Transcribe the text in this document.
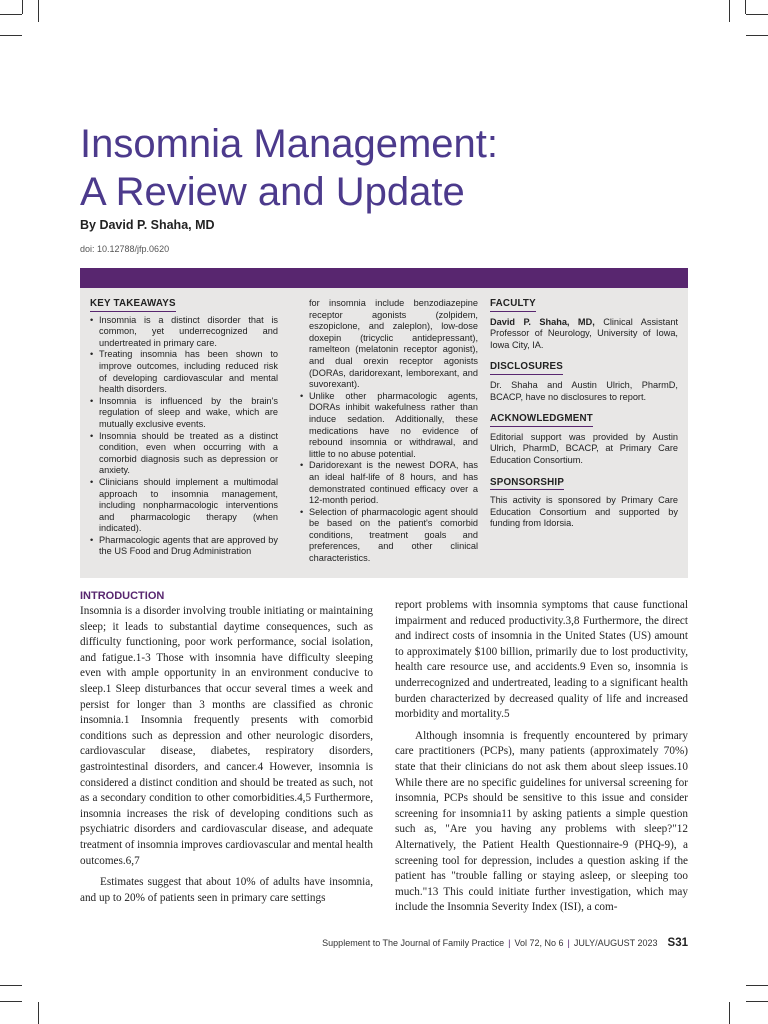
Insomnia Management:
A Review and Update
By David P. Shaha, MD
doi: 10.12788/jfp.0620
KEY TAKEAWAYS
• Insomnia is a distinct disorder that is common, yet underrecognized and undertreated in primary care.
• Treating insomnia has been shown to improve outcomes, including reduced risk of developing cardiovascular and mental health disorders.
• Insomnia is influenced by the brain's regulation of sleep and wake, which are mutually exclusive events.
• Insomnia should be treated as a distinct condition, even when occurring with a comorbid diagnosis such as depression or anxiety.
• Clinicians should implement a multimodal approach to insomnia management, including nonpharmacologic interventions and pharmacologic therapy (when indicated).
• Pharmacologic agents that are approved by the US Food and Drug Administration
for insomnia include benzodiazepine receptor agonists (zolpidem, eszopiclone, and zaleplon), low-dose doxepin (tricyclic antidepressant), ramelteon (melatonin receptor agonist), and dual orexin receptor agonists (DORAs, daridorexant, lemborexant, and suvorexant).
• Unlike other pharmacologic agents, DORAs inhibit wakefulness rather than induce sedation. Additionally, these medications have no evidence of rebound insomnia or withdrawal, and little to no abuse potential.
• Daridorexant is the newest DORA, has an ideal half-life of 8 hours, and has demonstrated continued efficacy over a 12-month period.
• Selection of pharmacologic agent should be based on the patient's comorbid conditions, treatment goals and preferences, and other clinical characteristics.
FACULTY

David P. Shaha, MD, Clinical Assistant Professor of Neurology, University of Iowa, Iowa City, IA.

DISCLOSURES

Dr. Shaha and Austin Ulrich, PharmD, BCACP, have no disclosures to report.

ACKNOWLEDGMENT

Editorial support was provided by Austin Ulrich, PharmD, BCACP, at Primary Care Education Consortium.

SPONSORSHIP

This activity is sponsored by Primary Care Education Consortium and supported by funding from Idorsia.

INTRODUCTION

Insomnia is a disorder involving trouble initiating or maintaining sleep; it leads to substantial daytime consequences, such as difficulty functioning, poor work performance, social isolation, and fatigue.1-3 Those with insomnia have difficulty sleeping even with ample opportunity in an environment conducive to sleep.1 Sleep disturbances that occur several times a week and persist for longer than 3 months are classified as chronic insomnia.1 Insomnia frequently presents with comorbid conditions such as depression and other neurologic disorders, cardiovascular disease, diabetes, respiratory disorders, gastrointestinal disorders, and cancer.4 However, insomnia is considered a distinct condition and should be treated as such, not as a secondary condition to other comorbidities.4,5 Furthermore, insomnia increases the risk of developing conditions such as psychiatric disorders and cardiovascular disease, and adequate treatment of insomnia improves cardiovascular and mental health outcomes.6,7

Estimates suggest that about 10% of adults have insomnia, and up to 20% of patients seen in primary care settings

report problems with insomnia symptoms that cause functional impairment and reduced productivity.3,8 Furthermore, the direct and indirect costs of insomnia in the United States (US) amount to approximately $100 billion, primarily due to lost productivity, health care resource use, and accidents.9 Even so, insomnia is underrecognized and undertreated, leading to a significant health burden characterized by decreased quality of life and increased morbidity and mortality.5

Although insomnia is frequently encountered by primary care practitioners (PCPs), many patients (approximately 70%) state that their clinicians do not ask them about sleep issues.10 While there are no specific guidelines for universal screening for insomnia, PCPs should be sensitive to this issue and consider screening for insomnia11 by asking patients a simple question such as, "Are you having any problems with sleep?"12 Alternatively, the Patient Health Questionnaire-9 (PHQ-9), a screening tool for depression, includes a question asking if the patient has "trouble falling or staying asleep, or sleeping too much."13 This could initiate further investigation, which may include the Insomnia Severity Index (ISI), a com-

Supplement to The Journal of Family Practice | Vol 72, No 6 | JULY/AUGUST 2023 S31
